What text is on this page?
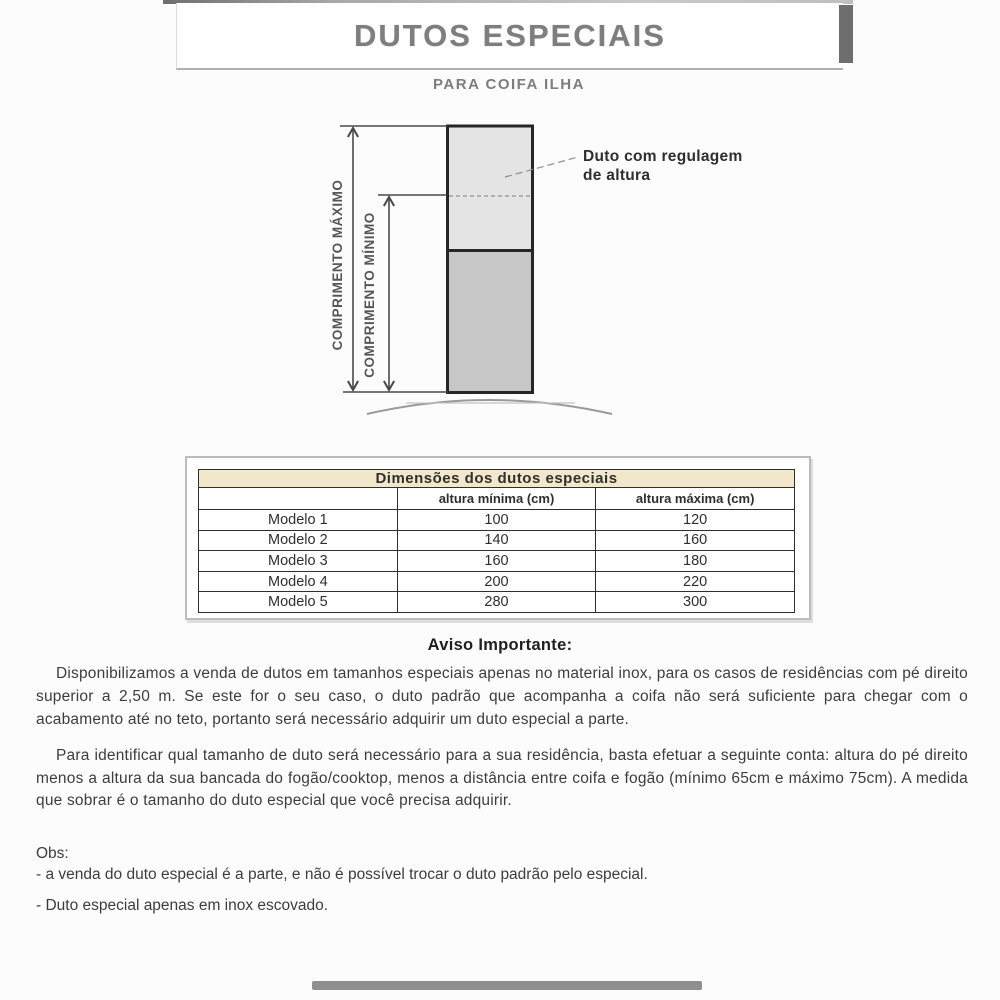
DUTOS ESPECIAIS
PARA COIFA ILHA
COMPRIMENTO MÁXIMO COMPRIMENTO MÍNIMO
Duto com regulagem
de altura
Dimensões dos dutos especiais		
	altura mínima (cm)	altura máxima (cm)
Modelo 1	100	120
Modelo 2	140	160
Modelo 3	160	180
Modelo 4	200	220
Modelo 5	280	300
Aviso Importante:
Disponibilizamos a venda de dutos em tamanhos especiais apenas no material inox, para os casos de residências com pé direito superior a 2,50 m. Se este for o seu caso, o duto padrão que acompanha a coifa não será suficiente para chegar com o acabamento até no teto, portanto será necessário adquirir um duto especial a parte.
Para identificar qual tamanho de duto será necessário para a sua residência, basta efetuar a seguinte conta: altura do pé direito menos a altura da sua bancada do fogão/cooktop, menos a distância entre coifa e fogão (mínimo 65cm e máximo 75cm). A medida que sobrar é o tamanho do duto especial que você precisa adquirir.
Obs:
- a venda do duto especial é a parte, e não é possível trocar o duto padrão pelo especial.
- Duto especial apenas em inox escovado.
